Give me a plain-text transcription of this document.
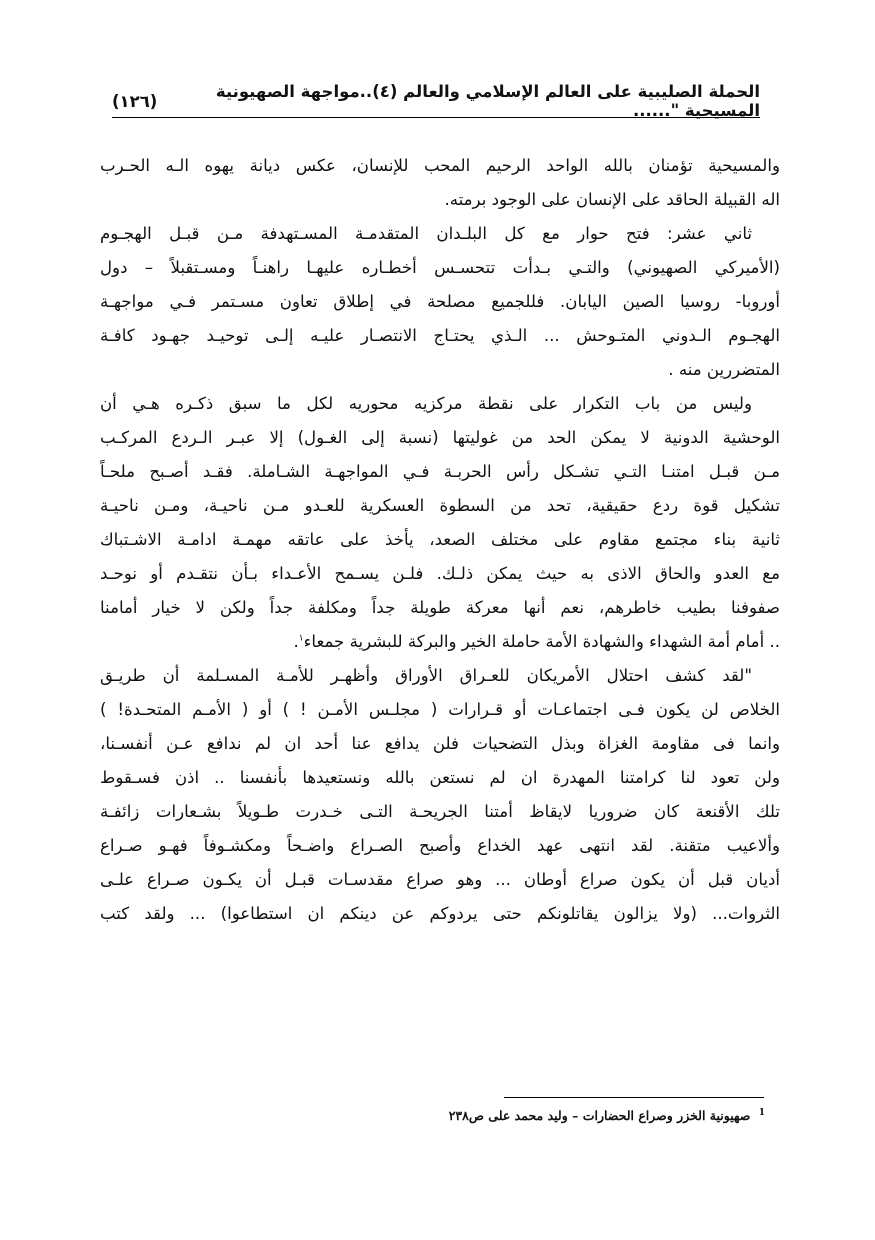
الحملة الصليبية على العالم الإسلامي والعالم (٤)..مواجهة الصهيونية المسيحية "......
(١٢٦)

والمسيحية تؤمنان بالله الواحد الرحيم المحب للإنسان، عكس ديانة يهوه الـه الحـرب
اله القبيلة الحاقد على الإنسان على الوجود برمته.

ثاني عشر: فتح حوار مع كل البلـدان المتقدمـة المسـتهدفة مـن قبـل الهجـوم
(الأميركي الصهيوني) والتـي بـدأت تتحسـس أخطـاره عليهـا راهنـاً ومسـتقبلاً – دول
أوروبا- روسيا الصين اليابان. فللجميع مصلحة في إطلاق تعاون مسـتمر فـي مواجهـة
الهجـوم الـدوني المتـوحش ... الـذي يحتـاج الانتصـار عليـه إلـى توحيـد جهـود كافـة
المتضررين منه .

وليس من باب التكرار على نقطة مركزيه محوريه لكل ما سبق ذكـره هـي أن
الوحشية الدونية لا يمكن الحد من غوليتها (نسبة إلى الغـول) إلا عبـر الـردع المركـب
مـن قبـل امتنـا التـي تشـكل رأس الحربـة فـي المواجهـة الشـاملة. فقـد أصـبح ملحـاً
تشكيل قوة ردع حقيقية، تحد من السطوة العسكرية للعـدو مـن ناحيـة، ومـن ناحيـة
ثانية بناء مجتمع مقاوم على مختلف الصعد، يأخذ على عاتقه مهمـة ادامـة الاشـتباك
مع العدو والحاق الاذى به حيث يمكن ذلـك. فلـن يسـمح الأعـداء بـأن نتقـدم أو نوحـد
صفوفنا بطيب خاطرهم، نعم أنها معركة طويلة جداً ومكلفة جداً ولكن لا خيار أمامنا
.. أمام أمة الشهداء والشهادة الأمة حاملة الخير والبركة للبشرية جمعاء$^١$.

"لقد كشف احتلال الأمريكان للعـراق الأوراق وأظهـر للأمـة المسـلمة أن طريـق
الخلاص لن يكون فـى اجتماعـات أو قـرارات ( مجلـس الأمـن ! ) أو ( الأمـم المتحـدة! )
وانما فى مقاومة الغزاة وبذل التضحيات فلن يدافع عنا أحد ان لم ندافع عـن أنفسـنا،
ولن تعود لنا كرامتنا المهدرة ان لم نستعن بالله ونستعيدها بأنفسنا .. اذن فسـقوط
تلك الأقنعة كان ضروريا لايقاظ أمتنا الجريحـة التـى خـدرت طـويلاً بشـعارات زائفـة
وألاعيب متقنة. لقد انتهى عهد الخداع وأصبح الصـراع واضـحاً ومكشـوفاً فهـو صـراع
أديان قبل أن يكون صراع أوطان ... وهو صراع مقدسـات قبـل أن يكـون صـراع علـى
الثروات... (ولا يزالون يقاتلونكم حتى يردوكم عن دينكم ان استطاعوا) ... ولقد كتب

$^1$ صهيونية الخزر وصراع الحضارات – وليد محمد على ص٢٣٨
